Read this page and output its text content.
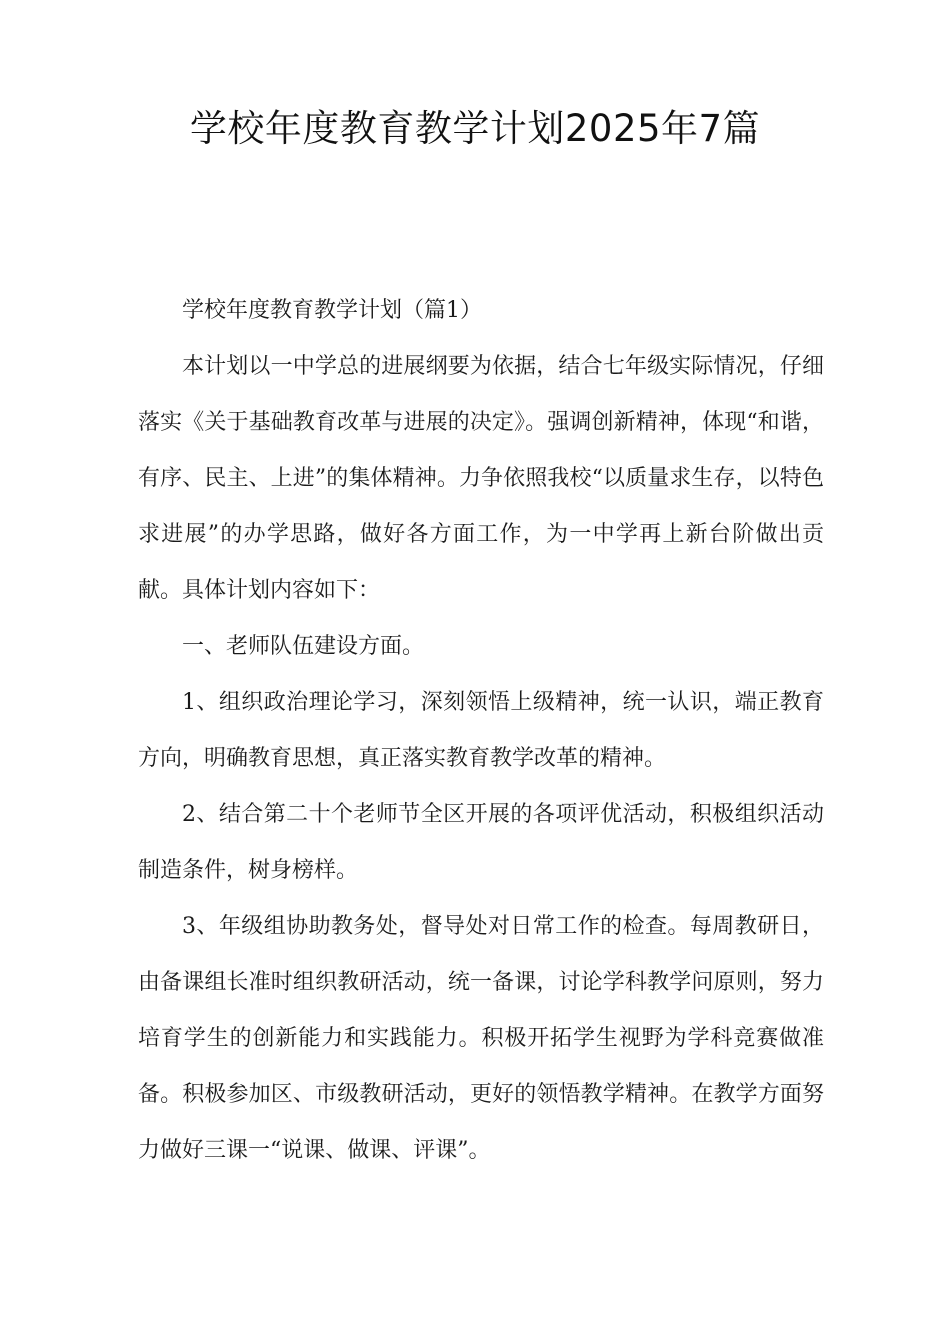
学校年度教育教学计划2025年7篇

学校年度教育教学计划（篇1）

本计划以一中学总的进展纲要为依据，结合七年级实际情况，仔细落实《关于基础教育改革与进展的决定》。强调创新精神，体现“和谐，有序、民主、上进”的集体精神。力争依照我校“以质量求生存，以特色求进展”的办学思路，做好各方面工作，为一中学再上新台阶做出贡献。具体计划内容如下：

一、老师队伍建设方面。

1、组织政治理论学习，深刻领悟上级精神，统一认识，端正教育方向，明确教育思想，真正落实教育教学改革的精神。

2、结合第二十个老师节全区开展的各项评优活动，积极组织活动制造条件，树身榜样。

3、年级组协助教务处，督导处对日常工作的检查。每周教研日，由备课组长准时组织教研活动，统一备课，讨论学科教学问原则，努力培育学生的创新能力和实践能力。积极开拓学生视野为学科竞赛做准备。积极参加区、市级教研活动，更好的领悟教学精神。在教学方面努力做好三课一“说课、做课、评课”。
